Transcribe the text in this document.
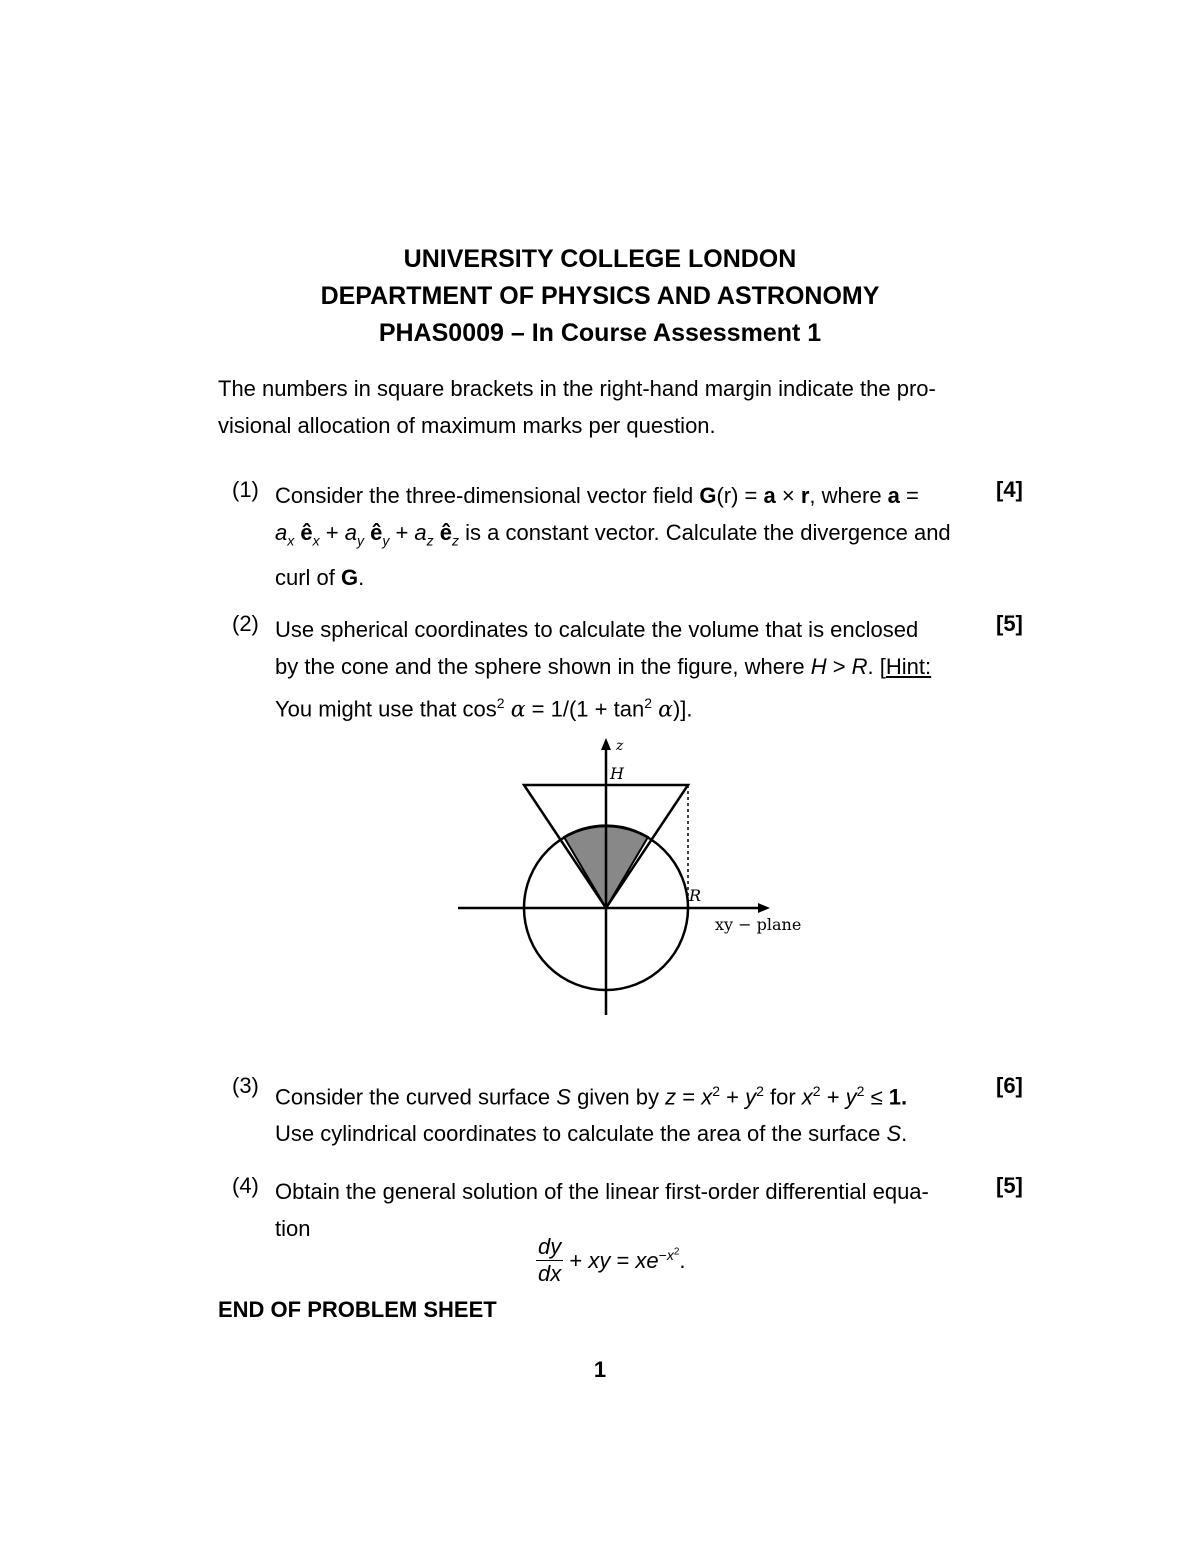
UNIVERSITY COLLEGE LONDON
DEPARTMENT OF PHYSICS AND ASTRONOMY
PHAS0009 – In Course Assessment 1
The numbers in square brackets in the right-hand margin indicate the pro-
visional allocation of maximum marks per question.
(1) Consider the three-dimensional vector field G(r) = a × r, where a =
$a_x$ $ê_x + a_y$ $ê_y + a_z$ $ê_z$ is a constant vector. Calculate the divergence and
curl of G.
[4]
(2) Use spherical coordinates to calculate the volume that is enclosed
by the cone and the sphere shown in the figure, where H > R. [Hint:
You might use that $\cos^2 \alpha = 1/(1 + \tan^2 \alpha)$].
[5]
z
H
R
xy − plane
(3) Consider the curved surface S given by $z = x^2 + y^2$ for $x^2 + y^2 \le 1$.
Use cylindrical coordinates to calculate the area of the surface S.
[6]
(4) Obtain the general solution of the linear first-order differential equa-
tion
[5]
$\frac{dy}{dx}$ + xy = $xe^{-x^2}$.
END OF PROBLEM SHEET
1
